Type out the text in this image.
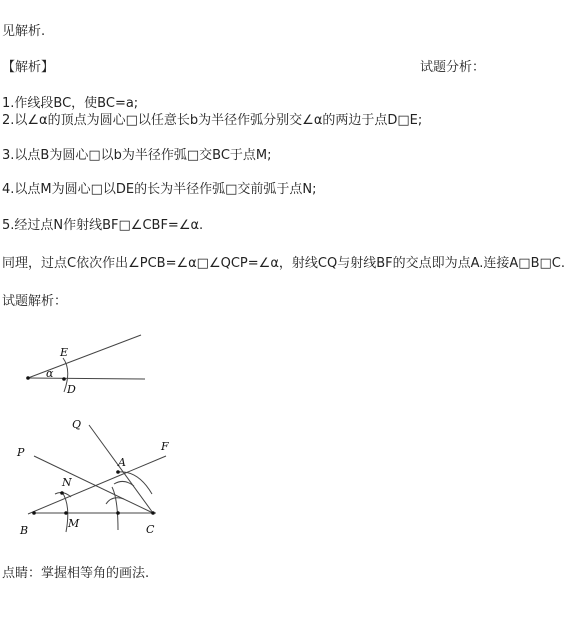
见解析.
【解析】	试题分析：
1.作线段BC，使BC=a;
2.以∠α的顶点为圆心□以任意长b为半径作弧分别交∠α的两边于点D□E;
3.以点B为圆心□以b为半径作弧□交BC于点M;
4.以点M为圆心□以DE的长为半径作弧□交前弧于点N;
5.经过点N作射线BF□∠CBF=∠α.
同理，过点C依次作出∠PCB=∠α□∠QCP=∠α，射线CQ与射线BF的交点即为点A.连接A□B□C.
试题解析：
E
α
D
Q
P	F
A
N
B
M	C
点睛：掌握相等角的画法.
